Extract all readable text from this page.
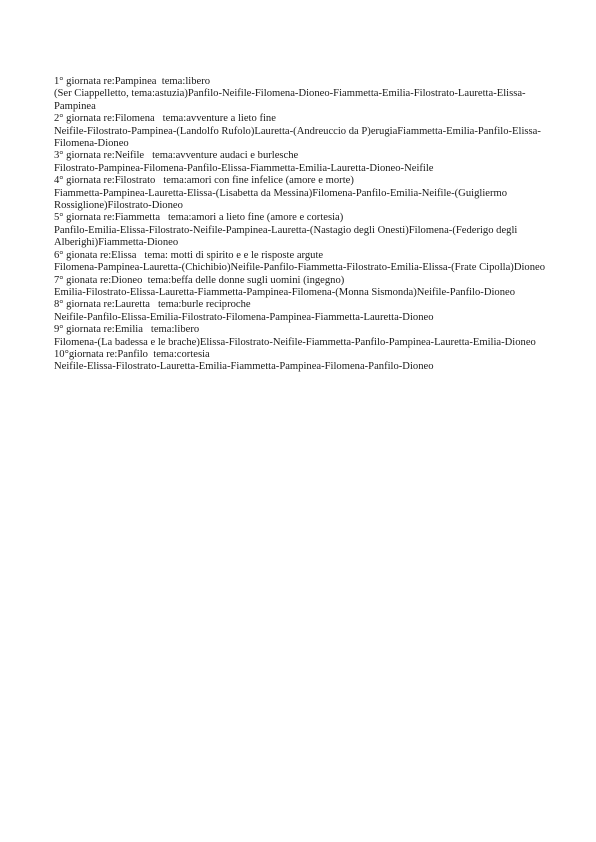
1° giornata re:Pampinea  tema:libero
(Ser Ciappelletto, tema:astuzia)Panfilo-Neifile-Filomena-Dioneo-Fiammetta-Emilia-Filostrato-Lauretta-Elissa-Pampinea
2° giornata re:Filomena   tema:avventure a lieto fine
Neifile-Filostrato-Pampinea-(Landolfo Rufolo)Lauretta-(Andreuccio da P)erugiaFiammetta-Emilia-Panfilo-Elissa-Filomena-Dioneo
3° giornata re:Neifile   tema:avventure audaci e burlesche
Filostrato-Pampinea-Filomena-Panfilo-Elissa-Fiammetta-Emilia-Lauretta-Dioneo-Neifile
4° giornata re:Filostrato   tema:amori con fine infelice (amore e morte)
Fiammetta-Pampinea-Lauretta-Elissa-(Lisabetta da Messina)Filomena-Panfilo-Emilia-Neifile-(Guigliermo Rossiglione)Filostrato-Dioneo
5° giornata re:Fiammetta   tema:amori a lieto fine (amore e cortesia)
Panfilo-Emilia-Elissa-Filostrato-Neifile-Pampinea-Lauretta-(Nastagio degli Onesti)Filomena-(Federigo degli Alberighi)Fiammetta-Dioneo
6° gionata re:Elissa   tema: motti di spirito e e le risposte argute
Filomena-Pampinea-Lauretta-(Chichibio)Neifile-Panfilo-Fiammetta-Filostrato-Emilia-Elissa-(Frate Cipolla)Dioneo
7° gionata re:Dioneo  tema:beffa delle donne sugli uomini (ingegno)
Emilia-Filostrato-Elissa-Lauretta-Fiammetta-Pampinea-Filomena-(Monna Sismonda)Neifile-Panfilo-Dioneo
8° giornata re:Lauretta   tema:burle reciproche
Neifile-Panfilo-Elissa-Emilia-Filostrato-Filomena-Pampinea-Fiammetta-Lauretta-Dioneo
9° giornata re:Emilia   tema:libero
Filomena-(La badessa e le brache)Elissa-Filostrato-Neifile-Fiammetta-Panfilo-Pampinea-Lauretta-Emilia-Dioneo
10°giornata re:Panfilo  tema:cortesia
Neifile-Elissa-Filostrato-Lauretta-Emilia-Fiammetta-Pampinea-Filomena-Panfilo-Dioneo
